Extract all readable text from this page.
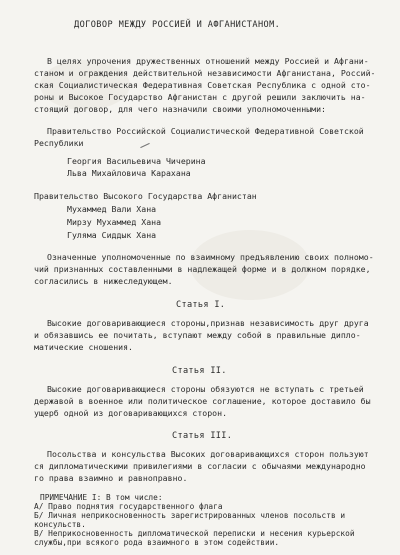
ДОГОВОР МЕЖДУ РОССИЕЙ И АФГАНИСТАНОМ.
В целях упрочения дружественных отношений между Россией и Афгани-
станом и ограждения действительной независимости Афганистана, Россий-
ская Социалистическая Федеративная Советская Республика с одной сто-
роны и Высокое Государство Афганистан с другой решили заключить на-
стоящий договор, для чего назначили своими уполномоченными:
Правительство Российской Социалистической Федеративной Советской
Республики
Георгия Васильевича Чичерина
Льва Михайловича Карахана
Правительство Высокого Государства Афганистан
Мухаммед Вали Хана
Мирзу Мухаммед Хана
Гуляма Сиддык Хана
Означенные уполномоченные по взаимному предъявлению своих полномо-
чий признанных составленными в надлежащей форме и в должном порядке,
согласились в нижеследующем.
Статья I.
Высокие договаривающиеся стороны,признав независимость друг друга
и обязавшись ее почитать, вступают между собой в правильные дипло-
матические сношения.
Статья II.
Высокие договаривающиеся стороны обязуются не вступать с третьей
державой в военное или политическое соглашение, которое доставило бы
ущерб одной из договаривающихся сторон.
Статья III.
Посольства и консульства Высоких договаривающихся сторон пользуют
ся дипломатическими привилегиями в согласии с обычаями международно
го права взаимно и равноправно.
ПРИМЕЧАНИЕ I: В том числе:
А/ Право поднятия государственного флага
Б/ Личная неприкосновенность зарегистрированных членов посольств и
консульств.
В/ Неприкосновенность дипломатической переписки и несения курьерской
службы,при всякого рода взаимного в этом содействии.
